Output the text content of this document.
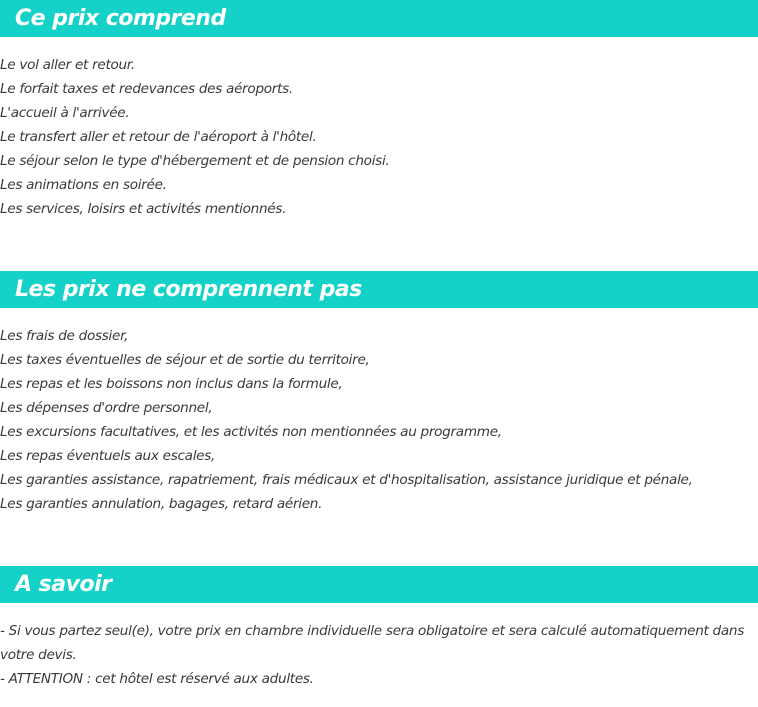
Ce prix comprend
Le vol aller et retour.
Le forfait taxes et redevances des aéroports.
L'accueil à l'arrivée.
Le transfert aller et retour de l'aéroport à l'hôtel.
Le séjour selon le type d'hébergement et de pension choisi.
Les animations en soirée.
Les services, loisirs et activités mentionnés.
Les prix ne comprennent pas
Les frais de dossier,
Les taxes éventuelles de séjour et de sortie du territoire,
Les repas et les boissons non inclus dans la formule,
Les dépenses d'ordre personnel,
Les excursions facultatives, et les activités non mentionnées au programme,
Les repas éventuels aux escales,
Les garanties assistance, rapatriement, frais médicaux et d'hospitalisation, assistance juridique et pénale,
Les garanties annulation, bagages, retard aérien.
A savoir
- Si vous partez seul(e), votre prix en chambre individuelle sera obligatoire et sera calculé automatiquement dans votre devis.
- ATTENTION : cet hôtel est réservé aux adultes.
